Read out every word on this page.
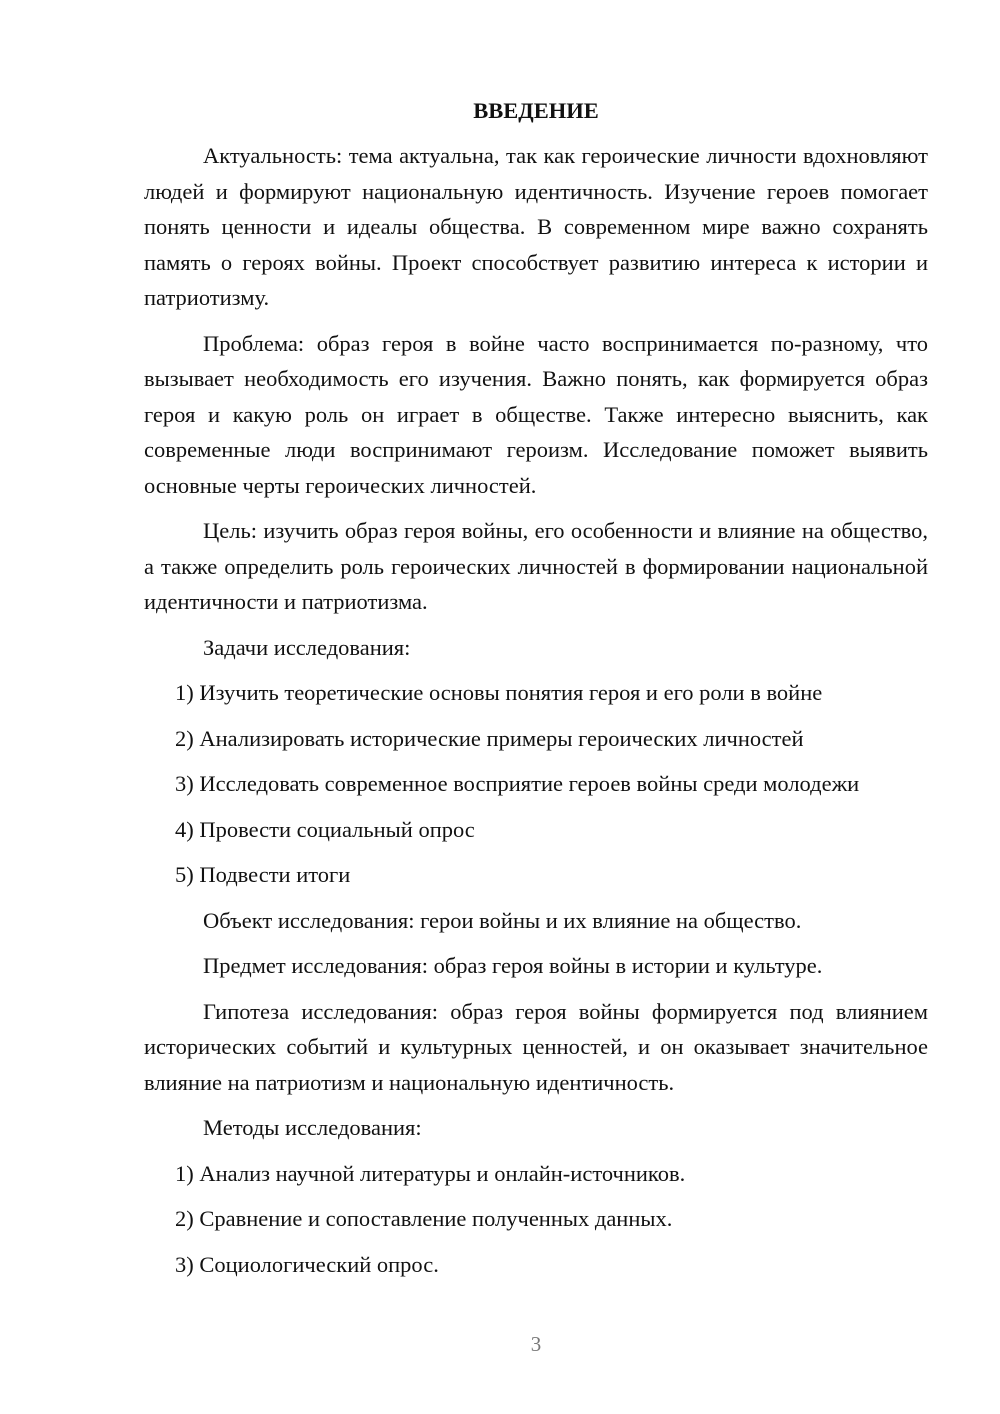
ВВЕДЕНИЕ

Актуальность: тема актуальна, так как героические личности вдохновляют людей и формируют национальную идентичность. Изучение героев помогает понять ценности и идеалы общества. В современном мире важно сохранять память о героях войны. Проект способствует развитию интереса к истории и патриотизму.

Проблема: образ героя в войне часто воспринимается по-разному, что вызывает необходимость его изучения. Важно понять, как формируется образ героя и какую роль он играет в обществе. Также интересно выяснить, как современные люди воспринимают героизм. Исследование поможет выявить основные черты героических личностей.

Цель: изучить образ героя войны, его особенности и влияние на общество, а также определить роль героических личностей в формировании национальной идентичности и патриотизма.

Задачи исследования:

1) Изучить теоретические основы понятия героя и его роли в войне

2) Анализировать исторические примеры героических личностей

3) Исследовать современное восприятие героев войны среди молодежи

4) Провести социальный опрос

5) Подвести итоги

Объект исследования: герои войны и их влияние на общество.

Предмет исследования: образ героя войны в истории и культуре.

Гипотеза исследования: образ героя войны формируется под влиянием исторических событий и культурных ценностей, и он оказывает значительное влияние на патриотизм и национальную идентичность.

Методы исследования:

1) Анализ научной литературы и онлайн-источников.

2) Сравнение и сопоставление полученных данных.

3) Социологический опрос.

3
